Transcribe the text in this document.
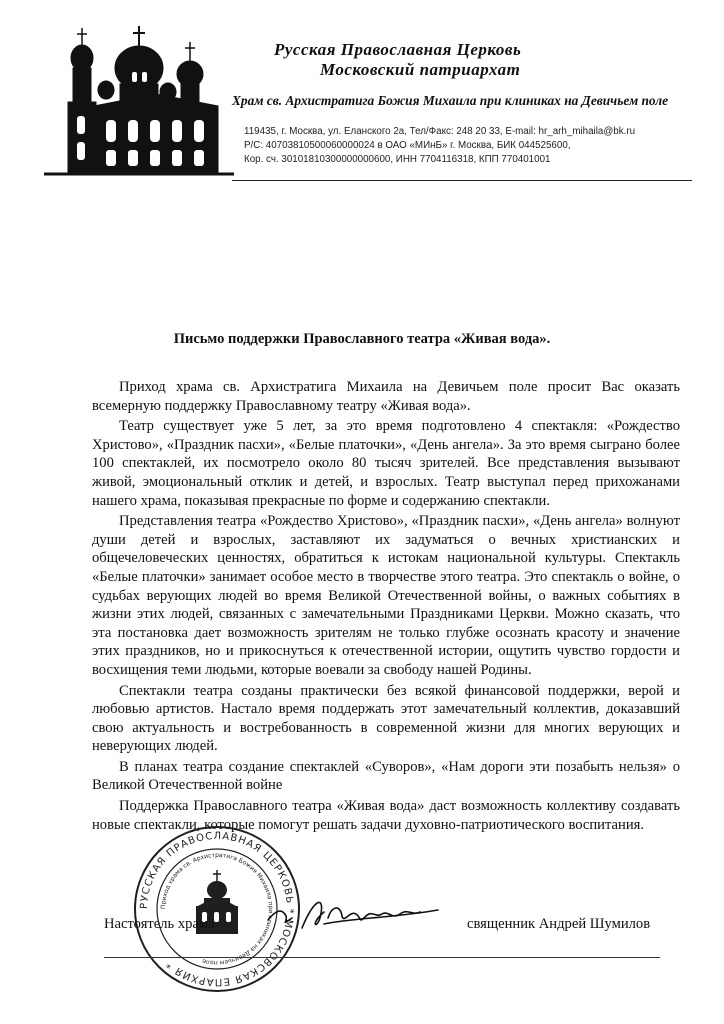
Русская Православная Церковь
Московский патриархат
Храм св. Архистратига Божия Михаила при клиниках на Девичьем поле
119435, г. Москва, ул. Еланского 2а, Тел/Факс: 248 20 33, E-mail: hr_arh_mihaila@bk.ru
Р/С: 40703810500060000024 в ОАО «МИнБ» г. Москва, БИК 044525600,
Кор. сч. 30101810300000000600, ИНН 7704116318, КПП 770401001
Письмо поддержки Православного театра «Живая вода».

Приход храма св. Архистратига Михаила на Девичьем поле просит Вас оказать всемерную поддержку Православному театру «Живая вода».

Театр существует уже 5 лет, за это время подготовлено 4 спектакля: «Рождество Христово», «Праздник пасхи», «Белые платочки», «День ангела». За это время сыграно более 100 спектаклей, их посмотрело около 80 тысяч зрителей. Все представления вызывают живой, эмоциональный отклик и детей, и взрослых. Театр выступал перед прихожанами нашего храма, показывая прекрасные по форме и содержанию спектакли.

Представления театра «Рождество Христово», «Праздник пасхи», «День ангела» волнуют души детей и взрослых, заставляют их задуматься о вечных христианских и общечеловеческих ценностях, обратиться к истокам национальной культуры. Спектакль «Белые платочки» занимает особое место в творчестве этого театра. Это спектакль о войне, о судьбах верующих людей во время Великой Отечественной войны, о важных событиях в жизни этих людей, связанных с замечательными Праздниками Церкви. Можно сказать, что эта постановка дает возможность зрителям не только глубже осознать красоту и значение этих праздников, но и прикоснуться к отечественной истории, ощутить чувство гордости и восхищения теми людьми, которые воевали за свободу нашей Родины.

Спектакли театра созданы практически без всякой финансовой поддержки, верой и любовью артистов. Настало время поддержать этот замечательный коллектив, доказавший свою актуальность и востребованность в современной жизни для многих верующих и неверующих людей.

В планах театра создание спектаклей «Суворов», «Нам дороги эти позабыть нельзя» о Великой Отечественной войне

Поддержка Православного театра «Живая вода» даст возможность коллективу создавать новые спектакли, которые помогут решать задачи духовно-патриотического воспитания.

РУССКАЯ ПРАВОСЛАВНАЯ ЦЕРКОВЬ * МОСКОВСКАЯ ЕПАРХИЯ *
Приход храма св. Архистратига Божия Михаила при клиниках на Девичьем поле
Настоятель храма	священник Андрей Шумилов
